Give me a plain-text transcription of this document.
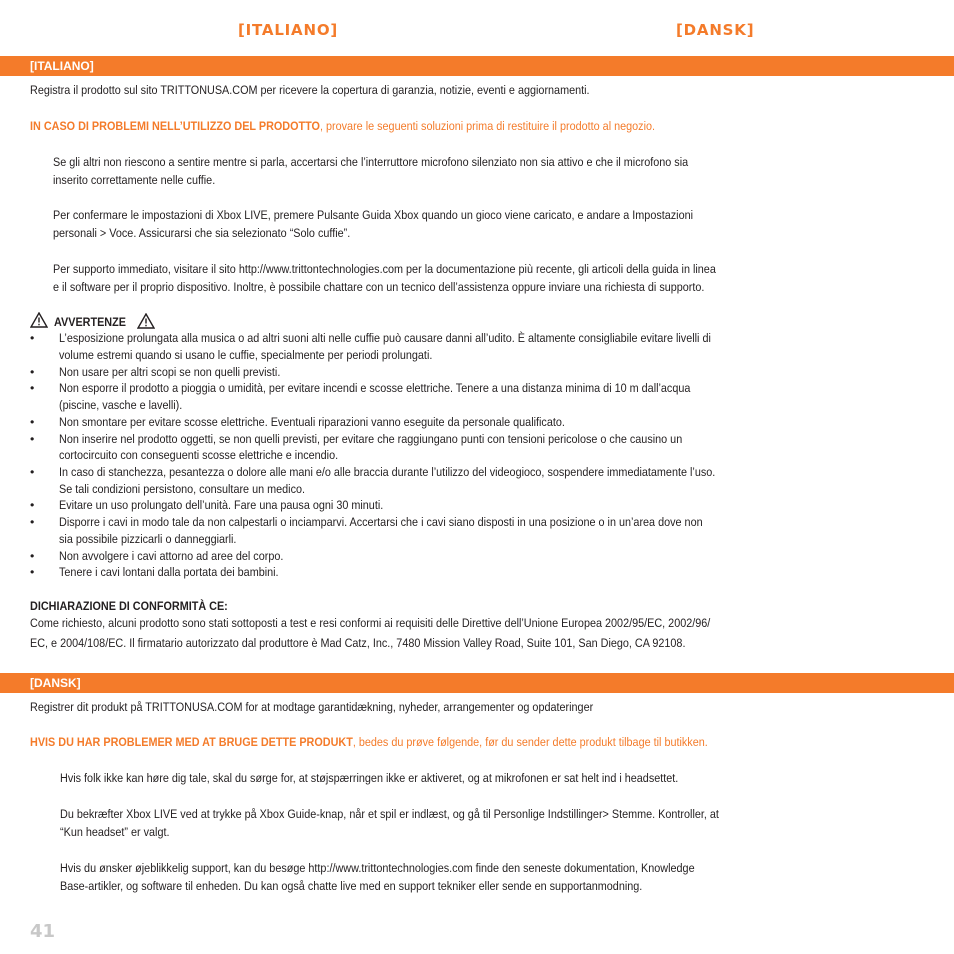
[ITALIANO]	[DANSK]
[ITALIANO]
Registra il prodotto sul sito TRITTONUSA.COM per ricevere la copertura di garanzia, notizie, eventi e aggiornamenti.
IN CASO DI PROBLEMI NELL’UTILIZZO DEL PRODOTTO, provare le seguenti soluzioni prima di restituire il prodotto al negozio.
Se gli altri non riescono a sentire mentre si parla, accertarsi che l’interruttore microfono silenziato non sia attivo e che il microfono sia
inserito correttamente nelle cuffie.
Per confermare le impostazioni di Xbox LIVE, premere Pulsante Guida Xbox quando un gioco viene caricato, e andare a Impostazioni
personali > Voce. Assicurarsi che sia selezionato “Solo cuffie”.
Per supporto immediato, visitare il sito http://www.trittontechnologies.com per la documentazione più recente, gli articoli della guida in linea
e il software per il proprio dispositivo. Inoltre, è possibile chattare con un tecnico dell’assistenza oppure inviare una richiesta di supporto.
AVVERTENZE
• L’esposizione prolungata alla musica o ad altri suoni alti nelle cuffie può causare danni all’udito. È altamente consigliabile evitare livelli di
volume estremi quando si usano le cuffie, specialmente per periodi prolungati.
• Non usare per altri scopi se non quelli previsti.
• Non esporre il prodotto a pioggia o umidità, per evitare incendi e scosse elettriche. Tenere a una distanza minima di 10 m dall’acqua
(piscine, vasche e lavelli).
• Non smontare per evitare scosse elettriche. Eventuali riparazioni vanno eseguite da personale qualificato.
• Non inserire nel prodotto oggetti, se non quelli previsti, per evitare che raggiungano punti con tensioni pericolose o che causino un
cortocircuito con conseguenti scosse elettriche e incendio.
• In caso di stanchezza, pesantezza o dolore alle mani e/o alle braccia durante l’utilizzo del videogioco, sospendere immediatamente l’uso.
Se tali condizioni persistono, consultare un medico.
• Evitare un uso prolungato dell’unità. Fare una pausa ogni 30 minuti.
• Disporre i cavi in modo tale da non calpestarli o inciamparvi. Accertarsi che i cavi siano disposti in una posizione o in un’area dove non
sia possibile pizzicarli o danneggiarli.
• Non avvolgere i cavi attorno ad aree del corpo.
• Tenere i cavi lontani dalla portata dei bambini.
DICHIARAZIONE DI CONFORMITÀ CE:
Come richiesto, alcuni prodotto sono stati sottoposti a test e resi conformi ai requisiti delle Direttive dell’Unione Europea 2002/95/EC, 2002/96/
EC, e 2004/108/EC. Il firmatario autorizzato dal produttore è Mad Catz, Inc., 7480 Mission Valley Road, Suite 101, San Diego, CA 92108.
[DANSK]
Registrer dit produkt på TRITTONUSA.COM for at modtage garantidækning, nyheder, arrangementer og opdateringer
HVIS DU HAR PROBLEMER MED AT BRUGE DETTE PRODUKT, bedes du prøve følgende, før du sender dette produkt tilbage til butikken.
Hvis folk ikke kan høre dig tale, skal du sørge for, at støjspærringen ikke er aktiveret, og at mikrofonen er sat helt ind i headsettet.
Du bekræfter Xbox LIVE ved at trykke på Xbox Guide-knap, når et spil er indlæst, og gå til Personlige Indstillinger> Stemme. Kontroller, at
“Kun headset” er valgt.
Hvis du ønsker øjeblikkelig support, kan du besøge http://www.trittontechnologies.com finde den seneste dokumentation, Knowledge
Base-artikler, og software til enheden. Du kan også chatte live med en support tekniker eller sende en supportanmodning.
41
